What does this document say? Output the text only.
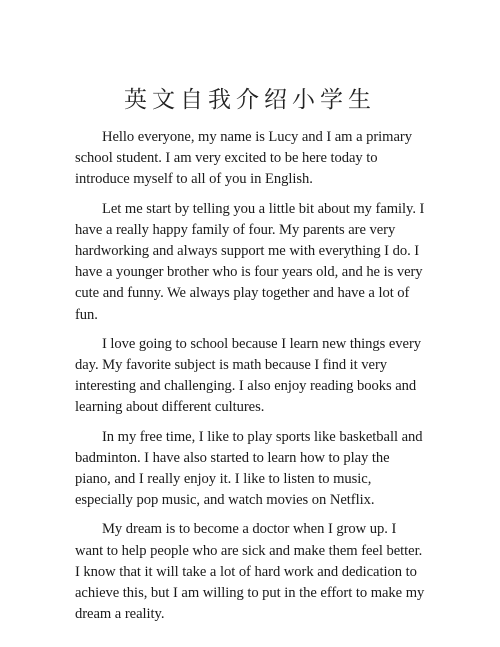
英文自我介绍小学生

Hello everyone, my name is Lucy and I am a primary school student. I am very excited to be here today to introduce myself to all of you in English.

Let me start by telling you a little bit about my family. I have a really happy family of four. My parents are very hardworking and always support me with everything I do. I have a younger brother who is four years old, and he is very cute and funny. We always play together and have a lot of fun.

I love going to school because I learn new things every day. My favorite subject is math because I find it very interesting and challenging. I also enjoy reading books and learning about different cultures.

In my free time, I like to play sports like basketball and badminton. I have also started to learn how to play the piano, and I really enjoy it. I like to listen to music, especially pop music, and watch movies on Netflix.

My dream is to become a doctor when I grow up. I want to help people who are sick and make them feel better. I know that it will take a lot of hard work and dedication to achieve this, but I am willing to put in the effort to make my dream a reality.
